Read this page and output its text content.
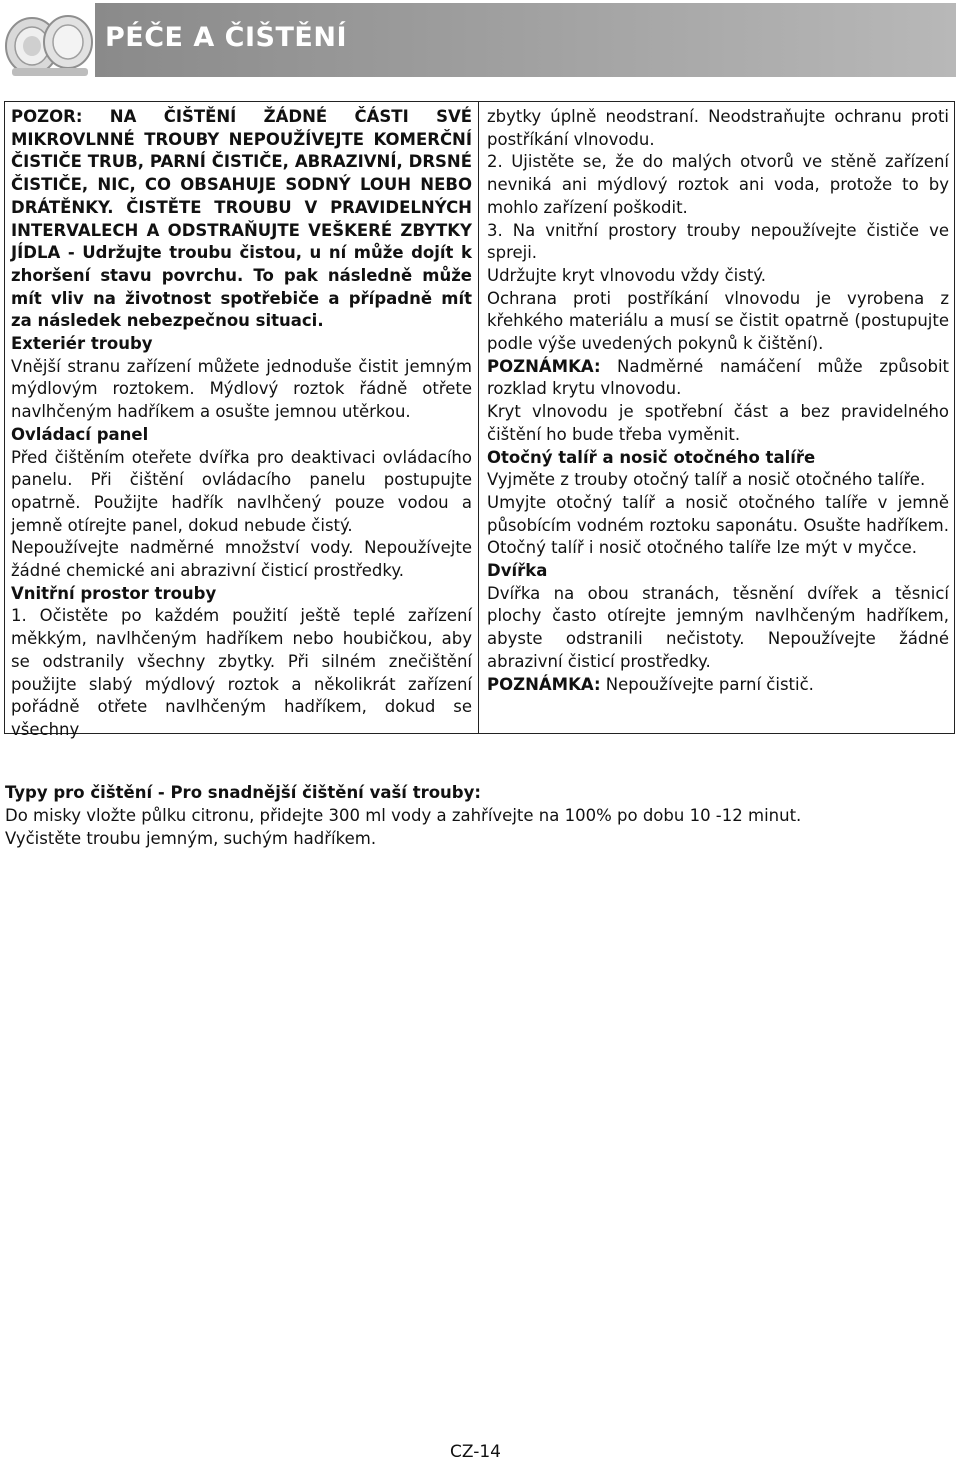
PÉČE A ČIŠTĚNÍ

POZOR: NA ČIŠTĚNÍ ŽÁDNÉ ČÁSTI SVÉ MIKROVLNNÉ TROUBY NEPOUŽÍVEJTE KOMERČNÍ ČISTIČE TRUB, PARNÍ ČISTIČE, ABRAZIVNÍ, DRSNÉ ČISTIČE, NIC, CO OBSAHUJE SODNÝ LOUH NEBO DRÁTĚNKY. ČISTĚTE TROUBU V PRAVIDELNÝCH INTERVALECH A ODSTRAŇUJTE VEŠKERÉ ZBYTKY JÍDLA - Udržujte troubu čistou, u ní může dojít k zhoršení stavu povrchu. To pak následně může mít vliv na životnost spotřebiče a případně mít za následek nebezpečnou situaci.

Exteriér trouby

Vnější stranu zařízení můžete jednoduše čistit jemným mýdlovým roztokem. Mýdlový roztok řádně otřete navlhčeným hadříkem a osušte jemnou utěrkou.

Ovládací panel

Před čištěním oteřete dvířka pro deaktivaci ovládacího panelu. Při čištění ovládacího panelu postupujte opatrně. Použijte hadřík navlhčený pouze vodou a jemně otírejte panel, dokud nebude čistý.

Nepoužívejte nadměrné množství vody. Nepoužívejte žádné chemické ani abrazivní čisticí prostředky.

Vnitřní prostor trouby

1. Očistěte po každém použití ještě teplé zařízení měkkým, navlhčeným hadříkem nebo houbičkou, aby se odstranily všechny zbytky. Při silném znečištění použijte slabý mýdlový roztok a několikrát zařízení pořádně otřete navlhčeným hadříkem, dokud se všechny

zbytky úplně neodstraní. Neodstraňujte ochranu proti postříkání vlnovodu.

2. Ujistěte se, že do malých otvorů ve stěně zařízení nevniká ani mýdlový roztok ani voda, protože to by mohlo zařízení poškodit.

3. Na vnitřní prostory trouby nepoužívejte čističe ve spreji.

Udržujte kryt vlnovodu vždy čistý.

Ochrana proti postříkání vlnovodu je vyrobena z křehkého materiálu a musí se čistit opatrně (postupujte podle výše uvedených pokynů k čištění).

POZNÁMKA: Nadměrné namáčení může způsobit rozklad krytu vlnovodu.

Kryt vlnovodu je spotřební část a bez pravidelného čištění ho bude třeba vyměnit.

Otočný talíř a nosič otočného talíře

Vyjměte z trouby otočný talíř a nosič otočného talíře.

Umyjte otočný talíř a nosič otočného talíře v jemně působícím vodném roztoku saponátu. Osušte hadříkem. Otočný talíř i nosič otočného talíře lze mýt v myčce.

Dvířka

Dvířka na obou stranách, těsnění dvířek a těsnicí plochy často otírejte jemným navlhčeným hadříkem, abyste odstranili nečistoty. Nepoužívejte žádné abrazivní čisticí prostředky.

POZNÁMKA: Nepoužívejte parní čistič.

Typy pro čištění - Pro snadnější čištění vaší trouby:

Do misky vložte půlku citronu, přidejte 300 ml vody a zahřívejte na 100% po dobu 10 -12 minut.

Vyčistěte troubu jemným, suchým hadříkem.

CZ-14
